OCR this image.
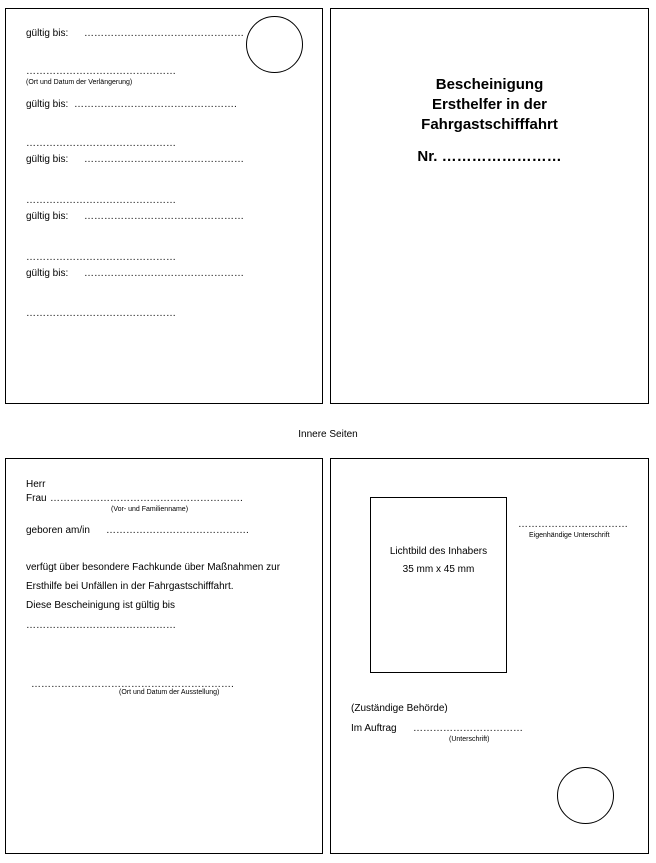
gültig bis: …………………………………………
………………………………………
(Ort und Datum der Verlängerung)
gültig bis: ………………………………………….
………………………………………
gültig bis: …………………………………………
………………………………………
gültig bis: …………………………………………
………………………………………
gültig bis: …………………………………………
………………………………………
Bescheinigung
Ersthelfer in der
Fahrgastschifffahrt
Nr. ……………………
Innere Seiten
Herr
Frau ………………………………………………….
(Vor- und Familienname)
geboren am/in …………………………………….
verfügt über besondere Fachkunde über Maßnahmen zur
Ersthilfe bei Unfällen in der Fahrgastschifffahrt.
Diese Bescheinigung ist gültig bis
………………………………………
…………………………………………………….
(Ort und Datum der Ausstellung)
Lichtbild des Inhabers
35 mm x 45 mm
……………………………
Eigenhändige Unterschrift
(Zuständige Behörde)
Im Auftrag ……………………………
(Unterschrift)
